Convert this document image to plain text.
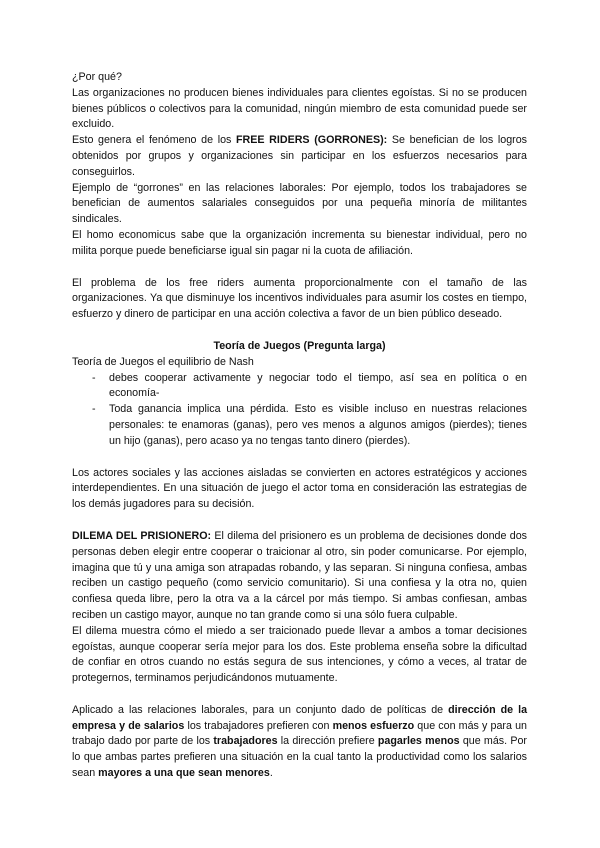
¿Por qué?

Las organizaciones no producen bienes individuales para clientes egoístas. Si no se producen bienes públicos o colectivos para la comunidad, ningún miembro de esta comunidad puede ser excluido.

Esto genera el fenómeno de los FREE RIDERS (GORRONES): Se benefician de los logros obtenidos por grupos y organizaciones sin participar en los esfuerzos necesarios para conseguirlos.

Ejemplo de “gorrones” en las relaciones laborales: Por ejemplo, todos los trabajadores se benefician de aumentos salariales conseguidos por una pequeña minoría de militantes sindicales.

El homo economicus sabe que la organización incrementa su bienestar individual, pero no milita porque puede beneficiarse igual sin pagar ni la cuota de afiliación.

El problema de los free riders aumenta proporcionalmente con el tamaño de las organizaciones. Ya que disminuye los incentivos individuales para asumir los costes en tiempo, esfuerzo y dinero de participar en una acción colectiva a favor de un bien público deseado.

Teoría de Juegos (Pregunta larga)

Teoría de Juegos el equilibrio de Nash

- debes cooperar activamente y negociar todo el tiempo, así sea en política o en economía-
- Toda ganancia implica una pérdida. Esto es visible incluso en nuestras relaciones personales: te enamoras (ganas), pero ves menos a algunos amigos (pierdes); tienes un hijo (ganas), pero acaso ya no tengas tanto dinero (pierdes).

Los actores sociales y las acciones aisladas se convierten en actores estratégicos y acciones interdependientes. En una situación de juego el actor toma en consideración las estrategias de los demás jugadores para su decisión.

DILEMA DEL PRISIONERO: El dilema del prisionero es un problema de decisiones donde dos personas deben elegir entre cooperar o traicionar al otro, sin poder comunicarse. Por ejemplo, imagina que tú y una amiga son atrapadas robando, y las separan. Si ninguna confiesa, ambas reciben un castigo pequeño (como servicio comunitario). Si una confiesa y la otra no, quien confiesa queda libre, pero la otra va a la cárcel por más tiempo. Si ambas confiesan, ambas reciben un castigo mayor, aunque no tan grande como si una sólo fuera culpable.

El dilema muestra cómo el miedo a ser traicionado puede llevar a ambos a tomar decisiones egoístas, aunque cooperar sería mejor para los dos. Este problema enseña sobre la dificultad de confiar en otros cuando no estás segura de sus intenciones, y cómo a veces, al tratar de protegernos, terminamos perjudicándonos mutuamente.

Aplicado a las relaciones laborales, para un conjunto dado de políticas de dirección de la empresa y de salarios los trabajadores prefieren con menos esfuerzo que con más y para un trabajo dado por parte de los trabajadores la dirección prefiere pagarles menos que más. Por lo que ambas partes prefieren una situación en la cual tanto la productividad como los salarios sean mayores a una que sean menores.
